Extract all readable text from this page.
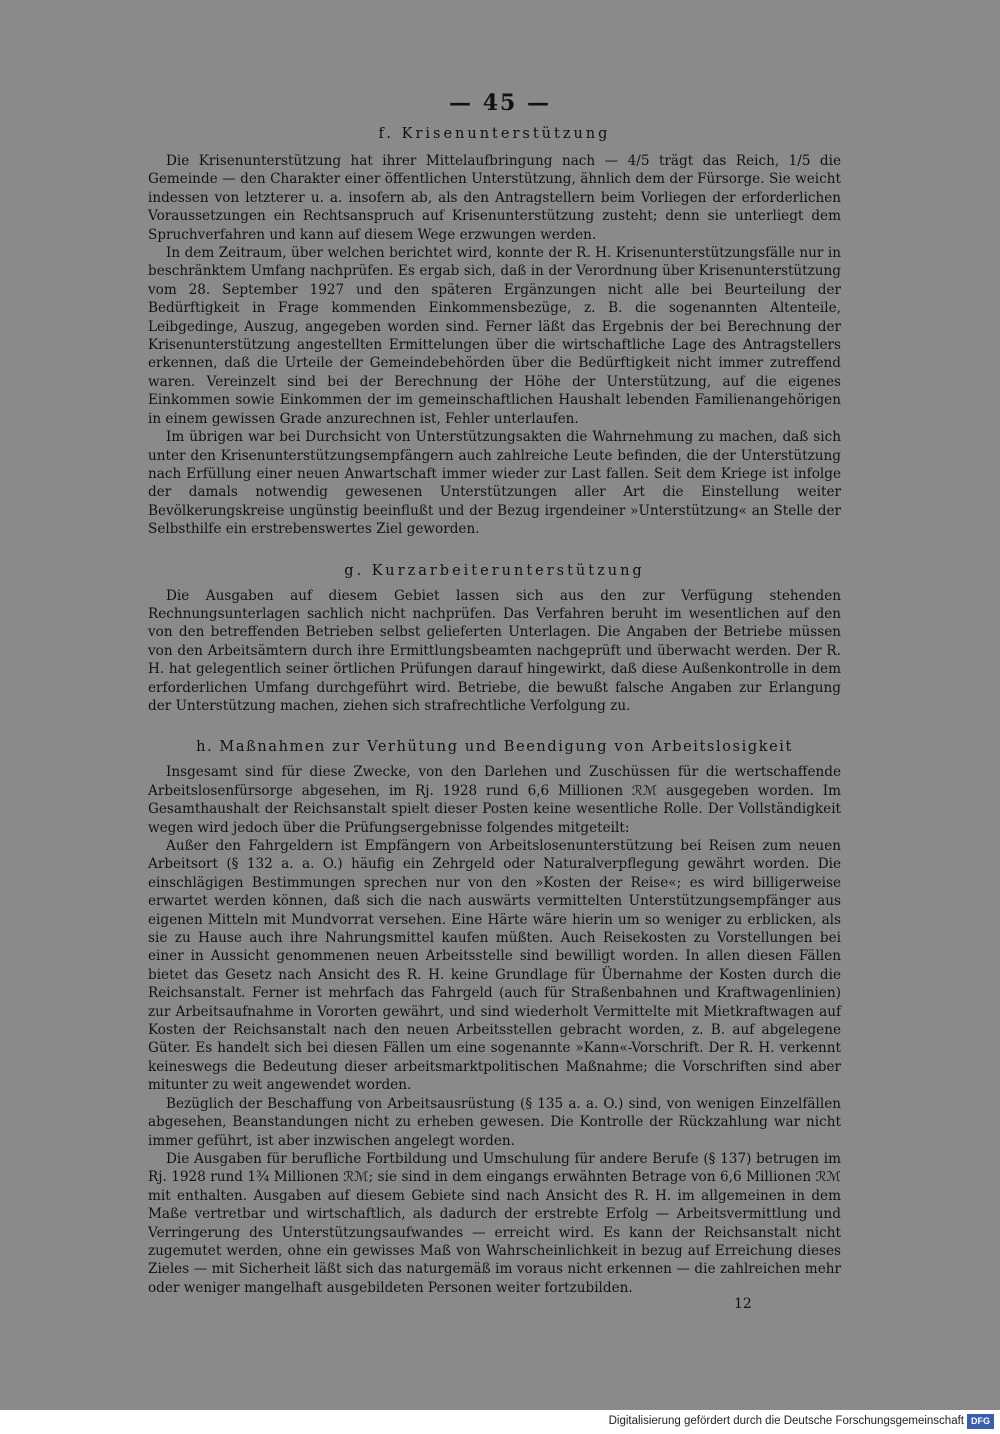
— 45 —
f. Krisenunterstützung

Die Krisenunterstützung hat ihrer Mittelaufbringung nach — 4/5 trägt das Reich, 1/5 die Gemeinde — den Charakter einer öffentlichen Unterstützung, ähnlich dem der Fürsorge. Sie weicht indessen von letzterer u. a. insofern ab, als den Antragstellern beim Vorliegen der erforderlichen Voraussetzungen ein Rechtsanspruch auf Krisenunterstützung zusteht; denn sie unterliegt dem Spruchverfahren und kann auf diesem Wege erzwungen werden.

In dem Zeitraum, über welchen berichtet wird, konnte der R. H. Krisenunterstützungsfälle nur in beschränktem Umfang nachprüfen. Es ergab sich, daß in der Verordnung über Krisenunterstützung vom 28. September 1927 und den späteren Ergänzungen nicht alle bei Beurteilung der Bedürftigkeit in Frage kommenden Einkommensbezüge, z. B. die sogenannten Altenteile, Leibgedinge, Auszug, angegeben worden sind. Ferner läßt das Ergebnis der bei Berechnung der Krisenunterstützung angestellten Ermittelungen über die wirtschaftliche Lage des Antragstellers erkennen, daß die Urteile der Gemeindebehörden über die Bedürftigkeit nicht immer zutreffend waren. Vereinzelt sind bei der Berechnung der Höhe der Unterstützung, auf die eigenes Einkommen sowie Einkommen der im gemeinschaftlichen Haushalt lebenden Familienangehörigen in einem gewissen Grade anzurechnen ist, Fehler unterlaufen.

Im übrigen war bei Durchsicht von Unterstützungsakten die Wahrnehmung zu machen, daß sich unter den Krisenunterstützungsempfängern auch zahlreiche Leute befinden, die der Unterstützung nach Erfüllung einer neuen Anwartschaft immer wieder zur Last fallen. Seit dem Kriege ist infolge der damals notwendig gewesenen Unterstützungen aller Art die Einstellung weiter Bevölkerungskreise ungünstig beeinflußt und der Bezug irgendeiner »Unterstützung« an Stelle der Selbsthilfe ein erstrebenswertes Ziel geworden.

g. Kurzarbeiterunterstützung

Die Ausgaben auf diesem Gebiet lassen sich aus den zur Verfügung stehenden Rechnungsunterlagen sachlich nicht nachprüfen. Das Verfahren beruht im wesentlichen auf den von den betreffenden Betrieben selbst gelieferten Unterlagen. Die Angaben der Betriebe müssen von den Arbeitsämtern durch ihre Ermittlungsbeamten nachgeprüft und überwacht werden. Der R. H. hat gelegentlich seiner örtlichen Prüfungen darauf hingewirkt, daß diese Außenkontrolle in dem erforderlichen Umfang durchgeführt wird. Betriebe, die bewußt falsche Angaben zur Erlangung der Unterstützung machen, ziehen sich strafrechtliche Verfolgung zu.

h. Maßnahmen zur Verhütung und Beendigung von Arbeitslosigkeit

Insgesamt sind für diese Zwecke, von den Darlehen und Zuschüssen für die wertschaffende Arbeitslosenfürsorge abgesehen, im Rj. 1928 rund 6,6 Millionen ℛℳ ausgegeben worden. Im Gesamthaushalt der Reichsanstalt spielt dieser Posten keine wesentliche Rolle. Der Vollständigkeit wegen wird jedoch über die Prüfungsergebnisse folgendes mitgeteilt:

Außer den Fahrgeldern ist Empfängern von Arbeitslosenunterstützung bei Reisen zum neuen Arbeitsort (§ 132 a. a. O.) häufig ein Zehrgeld oder Naturalverpflegung gewährt worden. Die einschlägigen Bestimmungen sprechen nur von den »Kosten der Reise«; es wird billigerweise erwartet werden können, daß sich die nach auswärts vermittelten Unterstützungsempfänger aus eigenen Mitteln mit Mundvorrat versehen. Eine Härte wäre hierin um so weniger zu erblicken, als sie zu Hause auch ihre Nahrungsmittel kaufen müßten. Auch Reisekosten zu Vorstellungen bei einer in Aussicht genommenen neuen Arbeitsstelle sind bewilligt worden. In allen diesen Fällen bietet das Gesetz nach Ansicht des R. H. keine Grundlage für Übernahme der Kosten durch die Reichsanstalt. Ferner ist mehrfach das Fahrgeld (auch für Straßenbahnen und Kraftwagenlinien) zur Arbeitsaufnahme in Vororten gewährt, und sind wiederholt Vermittelte mit Mietkraftwagen auf Kosten der Reichsanstalt nach den neuen Arbeitsstellen gebracht worden, z. B. auf abgelegene Güter. Es handelt sich bei diesen Fällen um eine sogenannte »Kann«-Vorschrift. Der R. H. verkennt keineswegs die Bedeutung dieser arbeitsmarktpolitischen Maßnahme; die Vorschriften sind aber mitunter zu weit angewendet worden.

Bezüglich der Beschaffung von Arbeitsausrüstung (§ 135 a. a. O.) sind, von wenigen Einzelfällen abgesehen, Beanstandungen nicht zu erheben gewesen. Die Kontrolle der Rückzahlung war nicht immer geführt, ist aber inzwischen angelegt worden.

Die Ausgaben für berufliche Fortbildung und Umschulung für andere Berufe (§ 137) betrugen im Rj. 1928 rund 1¾ Millionen ℛℳ; sie sind in dem eingangs erwähnten Betrage von 6,6 Millionen ℛℳ mit enthalten. Ausgaben auf diesem Gebiete sind nach Ansicht des R. H. im allgemeinen in dem Maße vertretbar und wirtschaftlich, als dadurch der erstrebte Erfolg — Arbeitsvermittlung und Verringerung des Unterstützungsaufwandes — erreicht wird. Es kann der Reichsanstalt nicht zugemutet werden, ohne ein gewisses Maß von Wahrscheinlichkeit in bezug auf Erreichung dieses Zieles — mit Sicherheit läßt sich das naturgemäß im voraus nicht erkennen — die zahlreichen mehr oder weniger mangelhaft ausgebildeten Personen weiter fortzubilden.

12
Digitalisierung gefördert durch die Deutsche Forschungsgemeinschaft DFG
